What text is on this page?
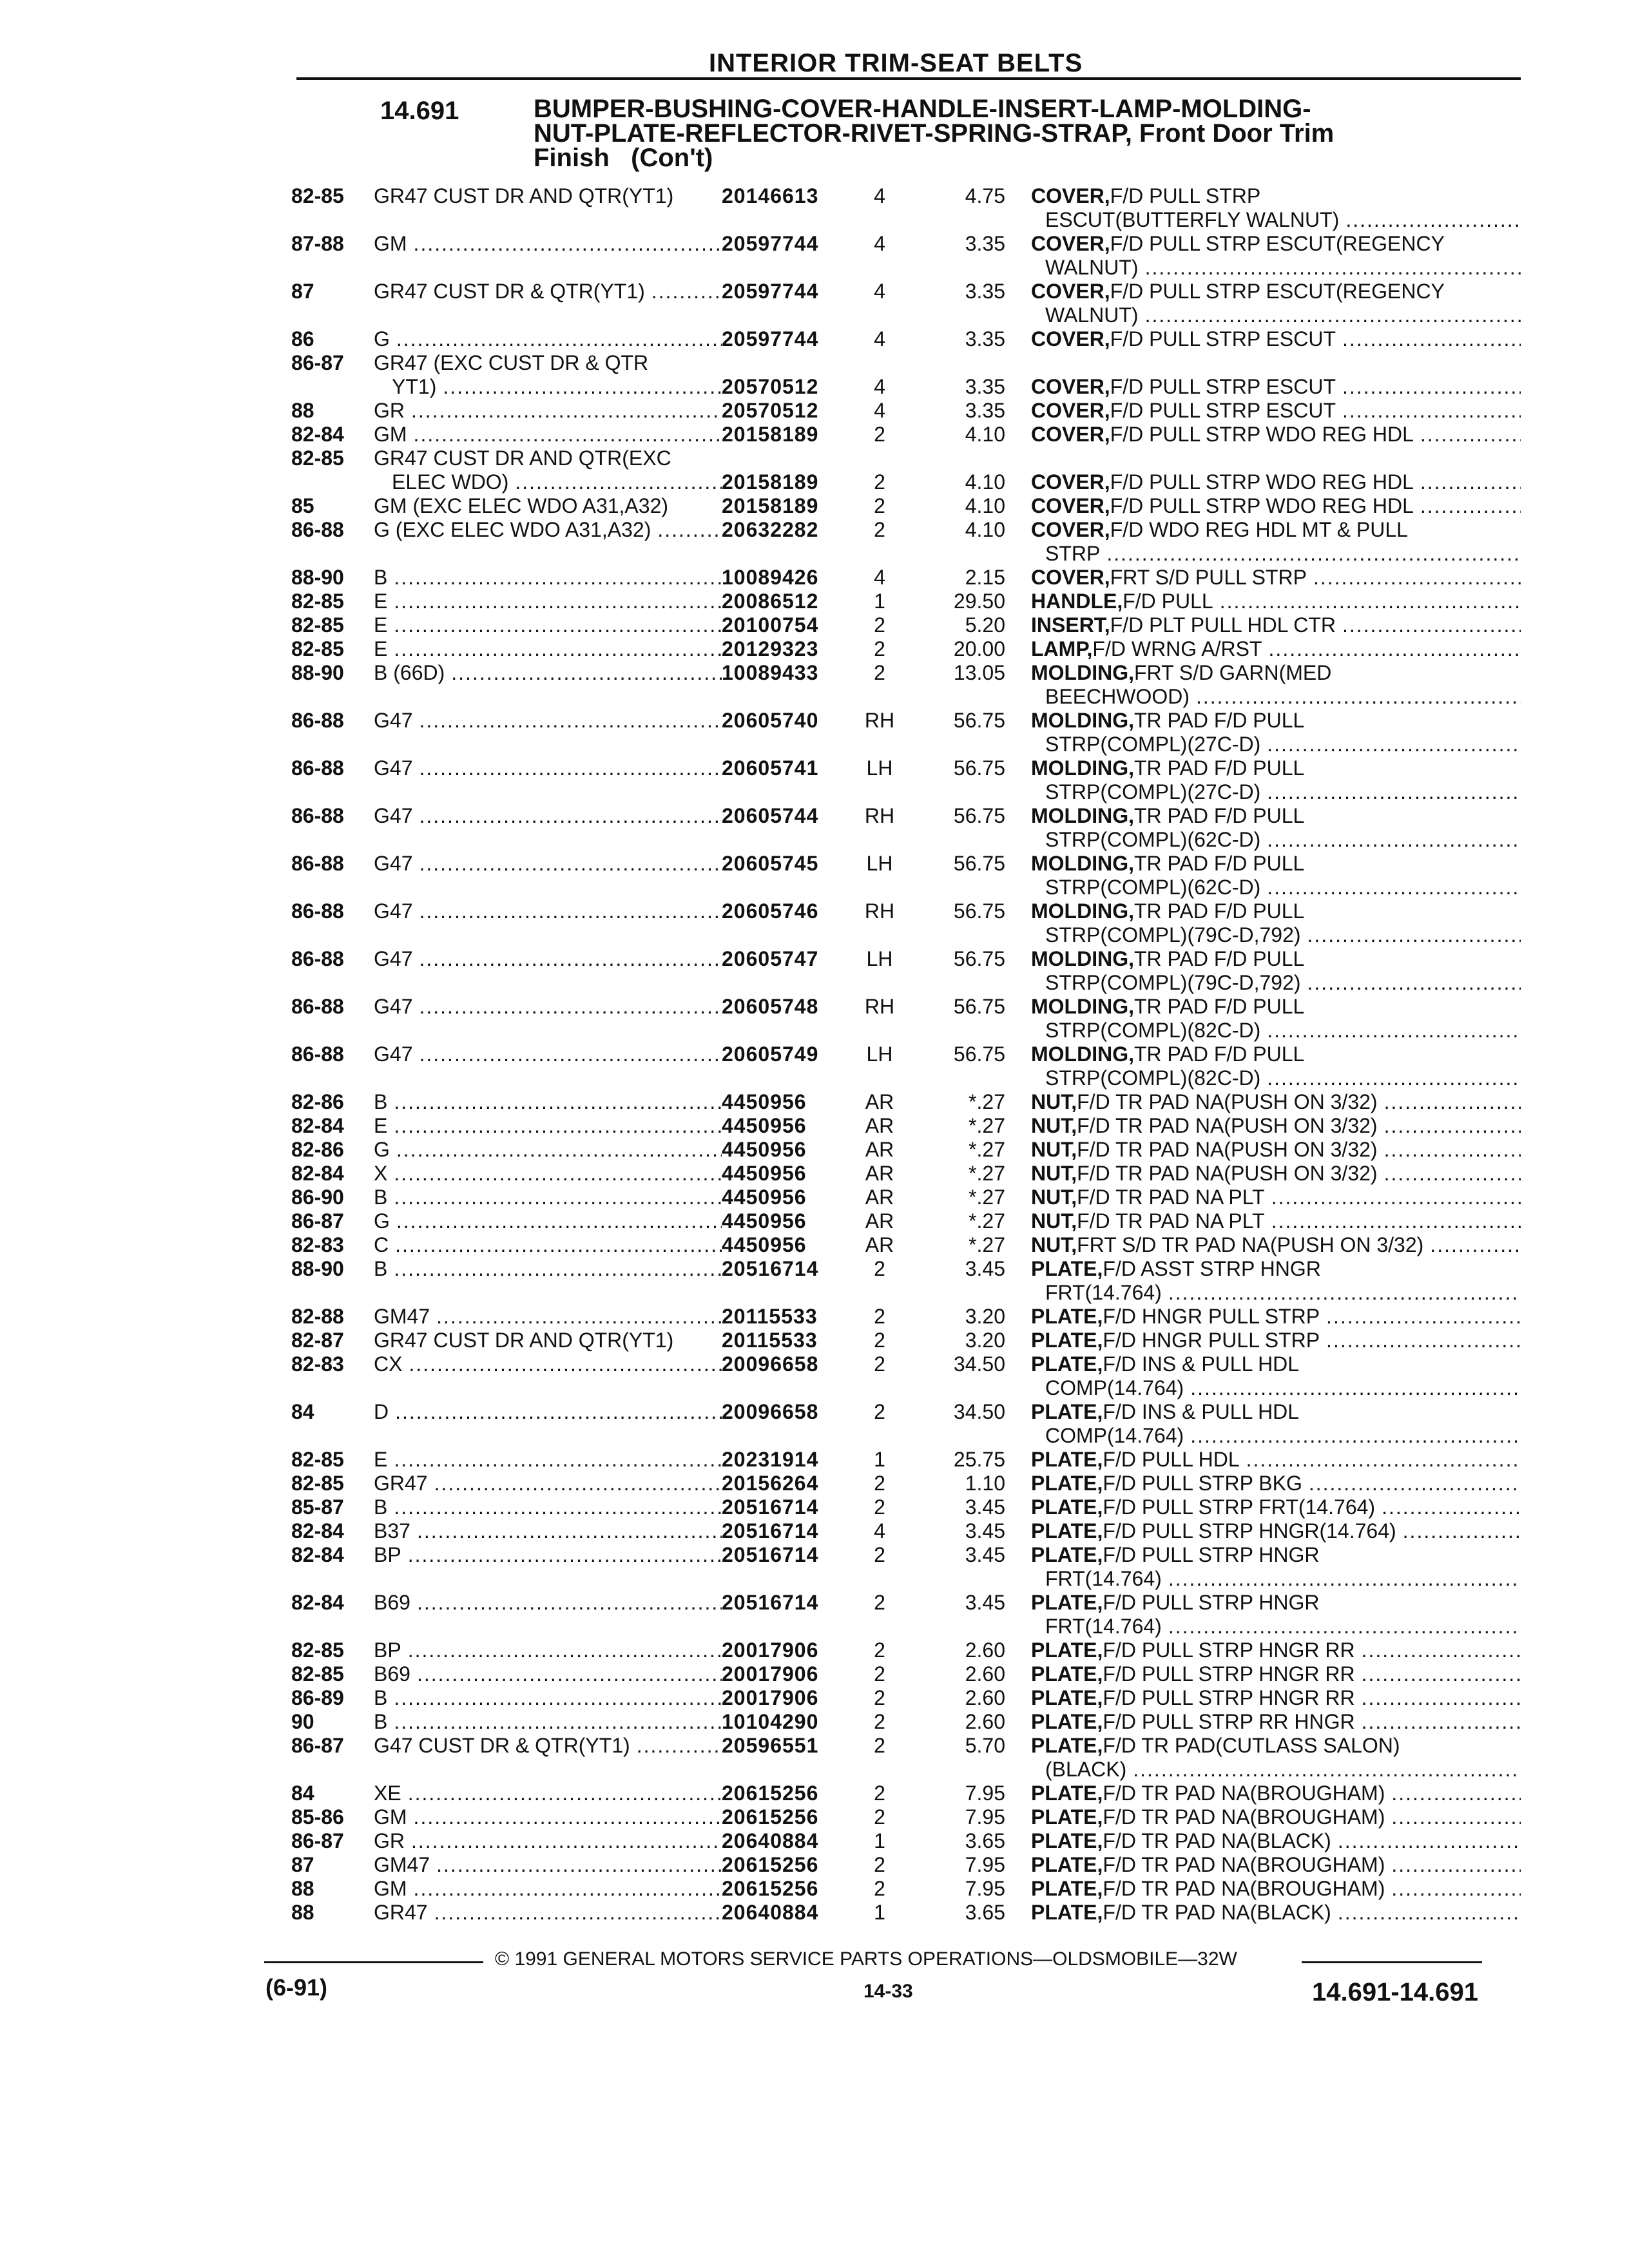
INTERIOR TRIM-SEAT BELTS
14.691	BUMPER-BUSHING-COVER-HANDLE-INSERT-LAMP-MOLDING-
NUT-PLATE-REFLECTOR-RIVET-SPRING-STRAP, Front Door Trim
Finish (Con't)
82-85	GR47 CUST DR AND QTR(YT1) 20146613	4	4.75	COVER, F/D PULL STRP
ESCUT(BUTTERFLY WALNUT)
.....
87-88	GM .....	20597744	4	3.35	COVER, F/D PULL STRP ESCUT(REGENCY
WALNUT)
.....
87	GR47 CUST DR & QTR(YT1) .....	20597744	4	3.35	COVER, F/D PULL STRP ESCUT(REGENCY
WALNUT)
.....
86	G .....	20597744	4	3.35	COVER, F/D PULL STRP ESCUT
.....
86-87	GR47 (EXC CUST DR & QTR
YT1) .....	20570512	4	3.35	COVER, F/D PULL STRP ESCUT
.....
88	GR .....	20570512	4	3.35	COVER, F/D PULL STRP ESCUT
.....
82-84	GM .....	20158189	2	4.10	COVER, F/D PULL STRP WDO REG HDL
.....
82-85	GR47 CUST DR AND QTR(EXC
ELEC WDO) .....	20158189	2	4.10	COVER, F/D PULL STRP WDO REG HDL
.....
85	GM (EXC ELEC WDO A31,A32)	20158189	2	4.10	COVER, F/D PULL STRP WDO REG HDL
.....
86-88	G (EXC ELEC WDO A31,A32) .....	20632282	2	4.10	COVER, F/D WDO REG HDL MT & PULL
STRP
.....
88-90	B .....	10089426	4	2.15	COVER, FRT S/D PULL STRP
.....
82-85	E .....	20086512	1	29.50	HANDLE, F/D PULL
.....
82-85	E .....	20100754	2	5.20	INSERT, F/D PLT PULL HDL CTR
.....
82-85	E .....	20129323	2	20.00	LAMP, F/D WRNG A/RST
.....
88-90	B (66D) .....	10089433	2	13.05	MOLDING, FRT S/D GARN(MED
BEECHWOOD)
.....
86-88	G47 .....	20605740	RH	56.75	MOLDING, TR PAD F/D PULL
STRP(COMPL)(27C-D)
.....
86-88	G47 .....	20605741	LH	56.75	MOLDING, TR PAD F/D PULL
STRP(COMPL)(27C-D)
.....
86-88	G47 .....	20605744	RH	56.75	MOLDING, TR PAD F/D PULL
STRP(COMPL)(62C-D)
.....
86-88	G47 .....	20605745	LH	56.75	MOLDING, TR PAD F/D PULL
STRP(COMPL)(62C-D)
.....
86-88	G47 .....	20605746	RH	56.75	MOLDING, TR PAD F/D PULL
STRP(COMPL)(79C-D,792)
.....
86-88	G47 .....	20605747	LH	56.75	MOLDING, TR PAD F/D PULL
STRP(COMPL)(79C-D,792)
.....
86-88	G47 .....	20605748	RH	56.75	MOLDING, TR PAD F/D PULL
STRP(COMPL)(82C-D)
.....
86-88	G47 .....	20605749	LH	56.75	MOLDING, TR PAD F/D PULL
STRP(COMPL)(82C-D)
.....
82-86	B .....	4450956	AR	*.27	NUT, F/D TR PAD NA(PUSH ON 3/32)
.....
82-84	E .....	4450956	AR	*.27	NUT, F/D TR PAD NA(PUSH ON 3/32)
.....
82-86	G .....	4450956	AR	*.27	NUT, F/D TR PAD NA(PUSH ON 3/32)
.....
82-84	X .....	4450956	AR	*.27	NUT, F/D TR PAD NA(PUSH ON 3/32)
.....
86-90	B .....	4450956	AR	*.27	NUT, F/D TR PAD NA PLT
.....
86-87	G .....	4450956	AR	*.27	NUT, F/D TR PAD NA PLT
.....
82-83	C .....	4450956	AR	*.27	NUT, FRT S/D TR PAD NA(PUSH ON 3/32)
.....
88-90	B .....	20516714	2	3.45	PLATE, F/D ASST STRP HNGR
FRT(14.764)
.....
82-88	GM47 .....	20115533	2	3.20	PLATE, F/D HNGR PULL STRP
.....
82-87	GR47 CUST DR AND QTR(YT1) 20115533	2	3.20	PLATE, F/D HNGR PULL STRP
.....
82-83	CX .....	20096658	2	34.50	PLATE, F/D INS & PULL HDL
COMP(14.764)
.....
84	D .....	20096658	2	34.50	PLATE, F/D INS & PULL HDL
COMP(14.764)
.....
82-85	E .....	20231914	1	25.75	PLATE, F/D PULL HDL
.....
82-85	GR47 .....	20156264	2	1.10	PLATE, F/D PULL STRP BKG
.....
85-87	B .....	20516714	2	3.45	PLATE, F/D PULL STRP FRT(14.764)
.....
82-84	B37 .....	20516714	4	3.45	PLATE, F/D PULL STRP HNGR(14.764)
.....
82-84	BP .....	20516714	2	3.45	PLATE, F/D PULL STRP HNGR
FRT(14.764)
.....
82-84	B69 .....	20516714	2	3.45	PLATE, F/D PULL STRP HNGR
FRT(14.764)
.....
82-85	BP .....	20017906	2	2.60	PLATE, F/D PULL STRP HNGR RR
.....
82-85	B69 .....	20017906	2	2.60	PLATE, F/D PULL STRP HNGR RR
.....
86-89	B .....	20017906	2	2.60	PLATE, F/D PULL STRP HNGR RR
.....
90	B .....	10104290	2	2.60	PLATE, F/D PULL STRP RR HNGR
.....
86-87	G47 CUST DR & QTR(YT1) .....	20596551	2	5.70	PLATE, F/D TR PAD(CUTLASS SALON)
(BLACK)
.....
84	XE .....	20615256	2	7.95	PLATE, F/D TR PAD NA(BROUGHAM)
.....
85-86	GM .....	20615256	2	7.95	PLATE, F/D TR PAD NA(BROUGHAM)
.....
86-87	GR .....	20640884	1	3.65	PLATE, F/D TR PAD NA(BLACK)
.....
87	GM47 .....	20615256	2	7.95	PLATE, F/D TR PAD NA(BROUGHAM)
.....
88	GM .....	20615256	2	7.95	PLATE, F/D TR PAD NA(BROUGHAM)
.....
88	GR47 .....	20640884	1	3.65	PLATE, F/D TR PAD NA(BLACK)
.....
© 1991 GENERAL MOTORS SERVICE PARTS OPERATIONS—OLDSMOBILE—32W
(6-91)	14-33	14.691-14.691
